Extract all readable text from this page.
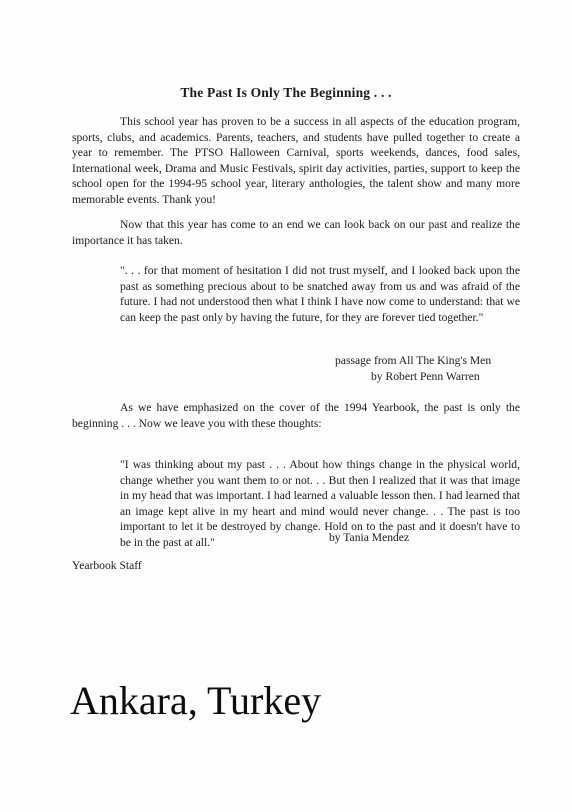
The Past Is Only The Beginning . . .

This school year has proven to be a success in all aspects of the education program, sports, clubs, and academics. Parents, teachers, and students have pulled together to create a year to remember. The PTSO Halloween Carnival, sports weekends, dances, food sales, International week, Drama and Music Festivals, spirit day activities, parties, support to keep the school open for the 1994-95 school year, literary anthologies, the talent show and many more memorable events. Thank you!

Now that this year has come to an end we can look back on our past and realize the importance it has taken.

". . . for that moment of hesitation I did not trust myself, and I looked back upon the past as something precious about to be snatched away from us and was afraid of the future. I had not understood then what I think I have now come to understand: that we can keep the past only by having the future, for they are forever tied together."

passage from All The King's Men
by Robert Penn Warren

As we have emphasized on the cover of the 1994 Yearbook, the past is only the beginning . . . Now we leave you with these thoughts:

"I was thinking about my past . . . About how things change in the physical world, change whether you want them to or not. . . But then I realized that it was that image in my head that was important. I had learned a valuable lesson then. I had learned that an image kept alive in my heart and mind would never change. . . The past is too important to let it be destroyed by change. Hold on to the past and it doesn't have to be in the past at all."	by Tania Mendez
Yearbook Staff
Ankara, Turkey
